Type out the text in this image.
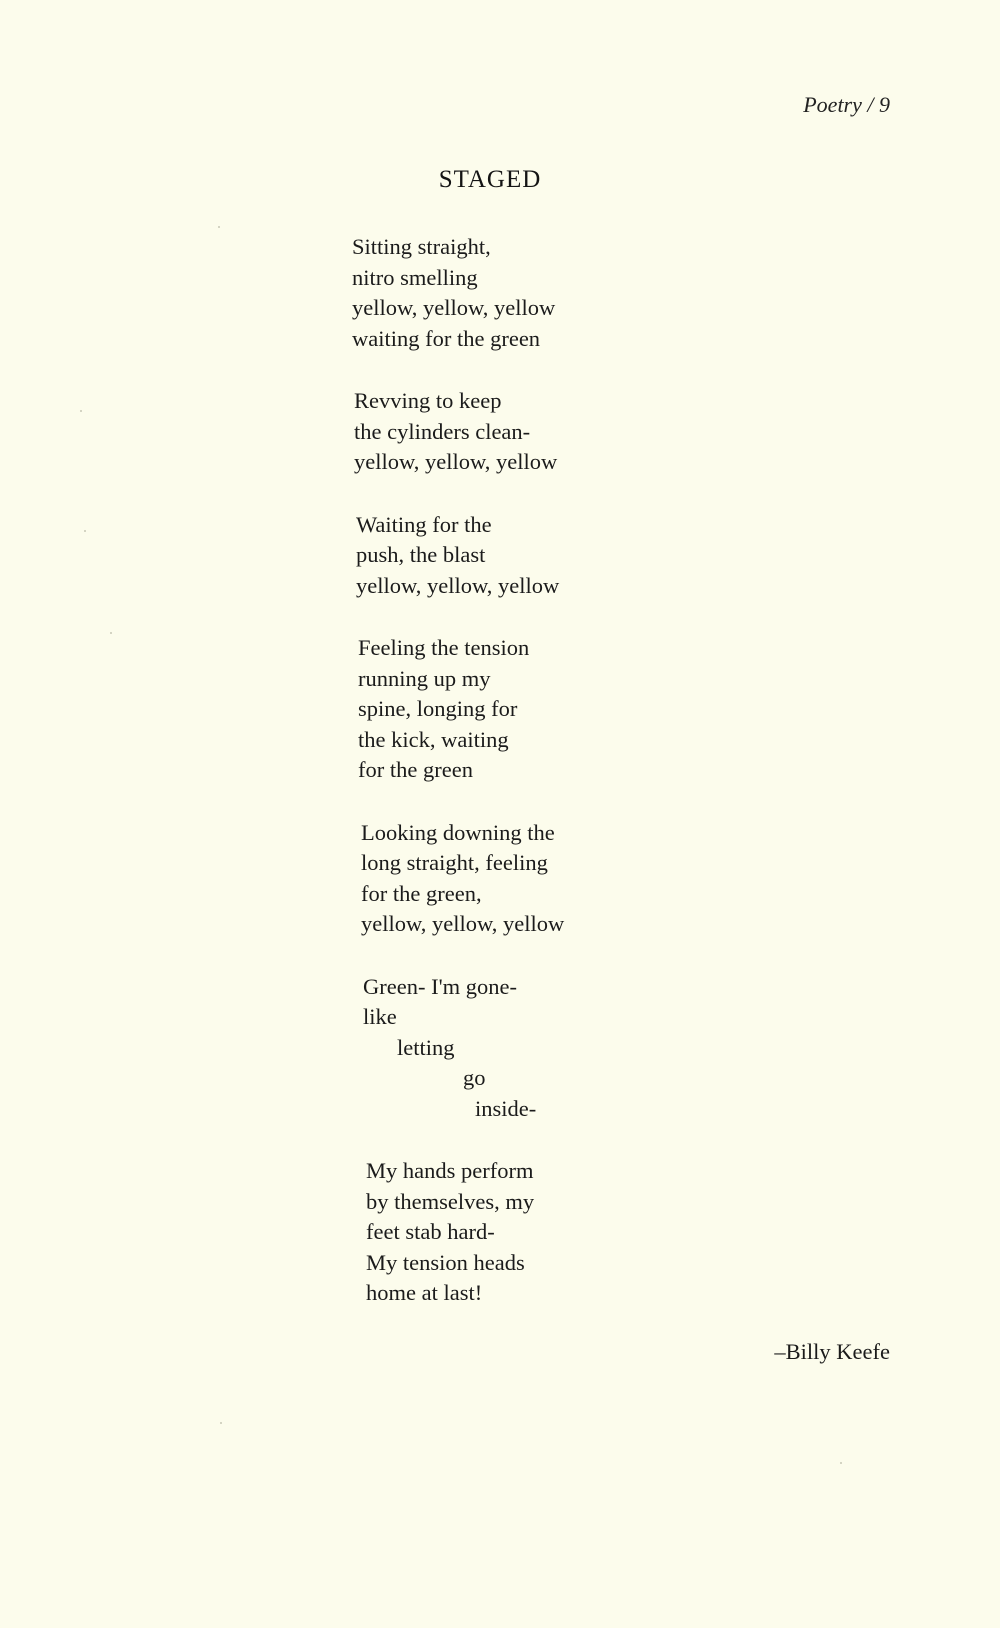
Poetry / 9
STAGED
Sitting straight,
nitro smelling
yellow, yellow, yellow
waiting for the green
Revving to keep
the cylinders clean-
yellow, yellow, yellow
Waiting for the
push, the blast
yellow, yellow, yellow
Feeling the tension
running up my
spine, longing for
the kick, waiting
for the green
Looking downing the
long straight, feeling
for the green,
yellow, yellow, yellow
Green- I'm gone-
like
letting
go
inside-
My hands perform
by themselves, my
feet stab hard-
My tension heads
home at last!
–Billy Keefe
